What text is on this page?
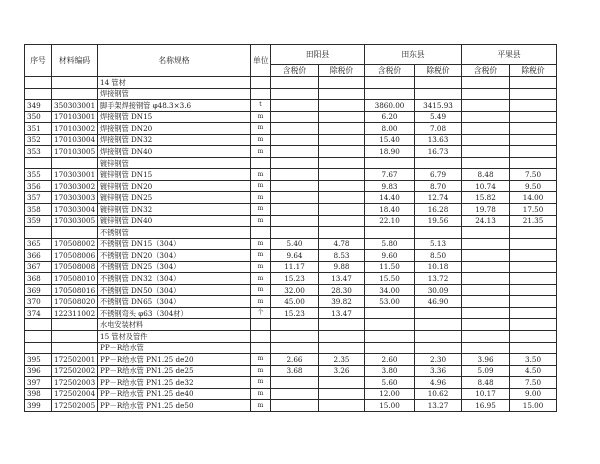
序号	材料编码	名称规格	单位	田阳县		田东县		平果县	
				含税价	除税价	含税价	除税价	含税价	除税价
		14 管材							
		焊接钢管							
349	350303001	脚手架焊接钢管 φ48.3×3.6	t			3860.00	3415.93		
350	170103001	焊接钢管 DN15	m			6.20	5.49		
351	170103002	焊接钢管 DN20	m			8.00	7.08		
352	170103004	焊接钢管 DN32	m			15.40	13.63		
353	170103005	焊接钢管 DN40	m			18.90	16.73		
		镀锌钢管							
355	170303001	镀锌钢管 DN15	m			7.67	6.79	8.48	7.50
356	170303002	镀锌钢管 DN20	m			9.83	8.70	10.74	9.50
357	170303003	镀锌钢管 DN25	m			14.40	12.74	15.82	14.00
358	170303004	镀锌钢管 DN32	m			18.40	16.28	19.78	17.50
359	170303005	镀锌钢管 DN40	m			22.10	19.56	24.13	21.35
		不锈钢管							
365	170508002	不锈钢管 DN15（304）	m	5.40	4.78	5.80	5.13		
366	170508006	不锈钢管 DN20（304）	m	9.64	8.53	9.60	8.50		
367	170508008	不锈钢管 DN25（304）	m	11.17	9.88	11.50	10.18		
368	170508010	不锈钢管 DN32（304）	m	15.23	13.47	15.50	13.72		
369	170508016	不锈钢管 DN50（304）	m	32.00	28.30	34.00	30.09		
370	170508020	不锈钢管 DN65（304）	m	45.00	39.82	53.00	46.90		
374	122311002	不锈钢弯头 φ63（304材）	个	15.23	13.47				
		水电安装材料							
		15 管材及管件							
		PP－R给水管							
395	172502001	PP－R给水管 PN1.25 de20	m	2.66	2.35	2.60	2.30	3.96	3.50
396	172502002	PP－R给水管 PN1.25 de25	m	3.68	3.26	3.80	3.36	5.09	4.50
397	172502003	PP－R给水管 PN1.25 de32	m			5.60	4.96	8.48	7.50
398	172502004	PP－R给水管 PN1.25 de40	m			12.00	10.62	10.17	9.00
399	172502005	PP－R给水管 PN1.25 de50	m			15.00	13.27	16.95	15.00
